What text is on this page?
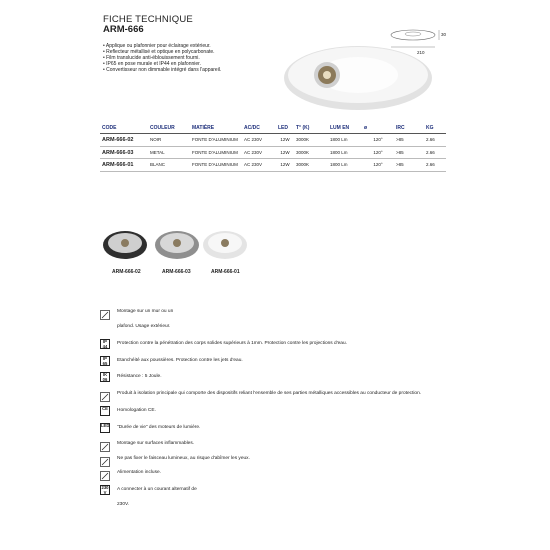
FICHE TECHNIQUE
ARM-666
• Applique ou plafonnier pour éclairage extérieur.
• Reflecteur métallisé et optique en polycarbonate.
• Film translucide anti-éblouissement fourni.
• IP65 en pose murale et IP44 en plafonnier.
• Convertisseur non dimmable intégré dans l'appareil.
210
30
CODE	COULEUR	MATIÈRE	AC/DC	LED	T° (K)	LUM EN	ø	IRC	KG
ARM-666-02	NOIR	FONTE D'ALUMINIUM	AC 230V	12W	3000K	1800 Lm	120°	>85	2.66
ARM-666-03	METAL	FONTE D'ALUMINIUM	AC 230V	12W	3000K	1800 Lm	120°	>85	2.66
ARM-666-01	BLANC	FONTE D'ALUMINIUM	AC 230V	12W	3000K	1800 Lm	120°	>85	2.66
ARM-666-02	ARM-666-03	ARM-666-01
Montage sur un mur ou un
plafond. Usage extérieur.
IP 44	Protection contre la pénétration des corps solides supérieurs à 1mm. Protection contre les projections d'eau.
IP 65	Etanchéité aux poussières. Protection contre les jets d'eau.
IK 06	Résistance : 5 Joule.
Produit à isolation principale qui comporte des dispositifs reliant l'ensemble de ses parties métalliques accessibles au conducteur de protection.
CE	Homologation CE.
LED "Durée de vie" des moteurs de lumière.
Montage sur surfaces inflammables.
Ne pas fixer le faisceau lumineux, au risque d'abîmer les yeux.
Alimentation incluse.
230 V	A connecter à un courant alternatif de
230V.
